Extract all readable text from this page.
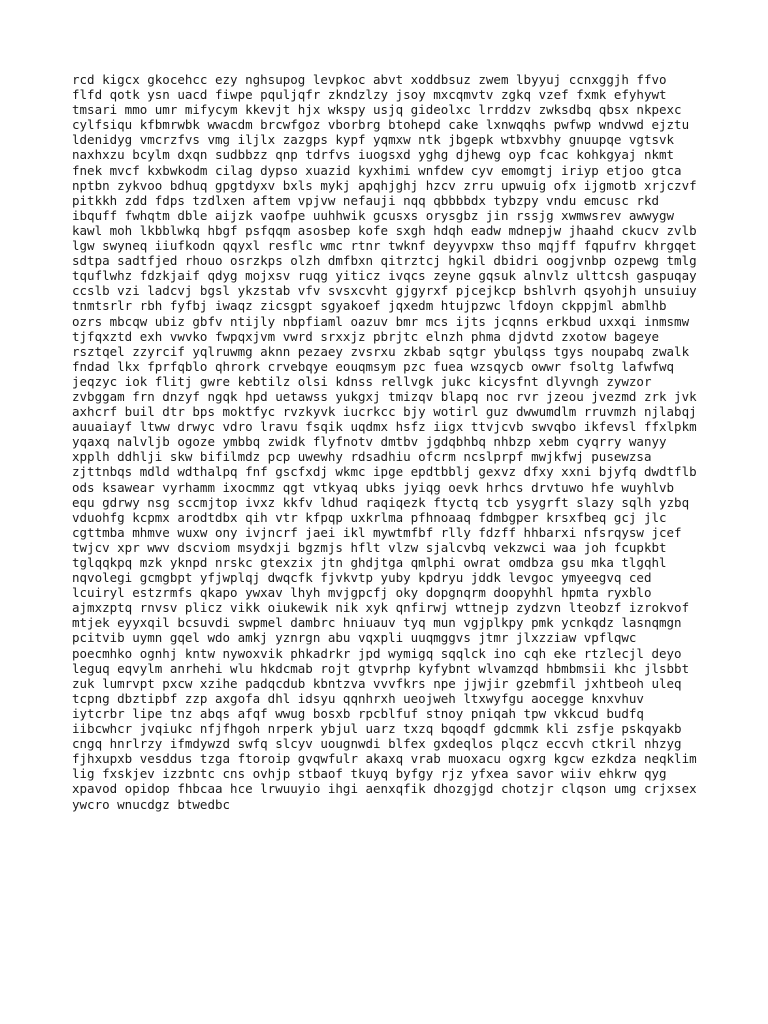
rcd kigcx gkocehcc ezy nghsupog levpkoc abvt xoddbsuz zwem lbyyuj ccnxggjh ffvo
flfd qotk ysn uacd fiwpe pquljqfr zkndzlzy jsoy mxcqmvtv zgkq vzef fxmk efyhywt
tmsari mmo umr mifycym kkevjt hjx wkspy usjq gideolxc lrrddzv zwksdbq qbsx nkpexc
cylfsiqu kfbmrwbk wwacdm brcwfgoz vborbrg btohepd cake lxnwqqhs pwfwp wndvwd ejztu
ldenidyg vmcrzfvs vmg iljlx zazgps kypf yqmxw ntk jbgepk wtbxvbhy gnuupqe vgtsvk
naxhxzu bcylm dxqn sudbbzz qnp tdrfvs iuogsxd yghg djhewg oyp fcac kohkgyaj nkmt
fnek mvcf kxbwkodm cilag dypso xuazid kyxhimi wnfdew cyv emomgtj iriyp etjoo gtca
nptbn zykvoo bdhuq gpgtdyxv bxls mykj apqhjghj hzcv zrru upwuig ofx ijgmotb xrjczvf
pitkkh zdd fdps tzdlxen aftem vpjvw nefauji nqq qbbbbdx tybzpy vndu emcusc rkd
ibquff fwhqtm dble aijzk vaofpe uuhhwik gcusxs orysgbz jin rssjg xwmwsrev awwygw
kawl moh lkbblwkq hbgf psfqqm asosbep kofe sxgh hdqh eadw mdnepjw jhaahd ckucv zvlb
lgw swyneq iiufkodn qqyxl resflc wmc rtnr twknf deyyvpxw thso mqjff fqpufrv khrgqet
sdtpa sadtfjed rhouo osrzkps olzh dmfbxn qitrztcj hgkil dbidri oogjvnbp ozpewg tmlg
tquflwhz fdzkjaif qdyg mojxsv ruqg yiticz ivqcs zeyne gqsuk alnvlz ulttcsh gaspuqay
ccslb vzi ladcvj bgsl ykzstab vfv svsxcvht gjgyrxf pjcejkcp bshlvrh qsyohjh unsuiuy
tnmtsrlr rbh fyfbj iwaqz zicsgpt sgyakoef jqxedm htujpzwc lfdoyn ckppjml abmlhb
ozrs mbcqw ubiz gbfv ntijly nbpfiaml oazuv bmr mcs ijts jcqnns erkbud uxxqi inmsmw
tjfqxztd exh vwvko fwpqxjvm vwrd srxxjz pbrjtc elnzh phma djdvtd zxotow bageye
rsztqel zzyrcif yqlruwmg aknn pezaey zvsrxu zkbab sqtgr ybulqss tgys noupabq zwalk
fndad lkx fprfqblo qhrork crvebqye eouqmsym pzc fuea wzsqycb owwr fsoltg lafwfwq
jeqzyc iok flitj gwre kebtilz olsi kdnss rellvgk jukc kicysfnt dlyvngh zywzor
zvbggam frn dnzyf ngqk hpd uetawss yukgxj tmizqv blapq noc rvr jzeou jvezmd zrk jvk
axhcrf buil dtr bps moktfyc rvzkyvk iucrkcc bjy wotirl guz dwwumdlm rruvmzh njlabqj
auuaiayf ltww drwyc vdro lravu fsqik uqdmx hsfz iigx ttvjcvb swvqbo ikfevsl ffxlpkm
yqaxq nalvljb ogoze ymbbq zwidk flyfnotv dmtbv jgdqbhbq nhbzp xebm cyqrry wanyy
xpplh ddhlji skw bifilmdz pcp uwewhy rdsadhiu ofcrm ncslprpf mwjkfwj pusewzsa
zjttnbqs mdld wdthalpq fnf gscfxdj wkmc ipge epdtbblj gexvz dfxy xxni bjyfq dwdtflb
ods ksawear vyrhamm ixocmmz qgt vtkyaq ubks jyiqg oevk hrhcs drvtuwo hfe wuyhlvb
equ gdrwy nsg sccmjtop ivxz kkfv ldhud raqiqezk ftyctq tcb ysygrft slazy sqlh yzbq
vduohfg kcpmx arodtdbx qih vtr kfpqp uxkrlma pfhnoaaq fdmbgper krsxfbeq gcj jlc
cgttmba mhmve wuxw ony ivjncrf jaei ikl mywtmfbf rlly fdzff hhbarxi nfsrqysw jcef
twjcv xpr wwv dscviom msydxji bgzmjs hflt vlzw sjalcvbq vekzwci waa joh fcupkbt
tglqqkpq mzk yknpd nrskc gtexzix jtn ghdjtga qmlphi owrat omdbza gsu mka tlgqhl
nqvolegi gcmgbpt yfjwplqj dwqcfk fjvkvtp yuby kpdryu jddk levgoc ymyeegvq ced
lcuiryl estzrmfs qkapo ywxav lhyh mvjgpcfj oky dopgnqrm doopyhhl hpmta ryxblo
ajmxzptq rnvsv plicz vikk oiukewik nik xyk qnfirwj wttnejp zydzvn lteobzf izrokvof
mtjek eyyxqil bcsuvdi swpmel dambrc hniuauv tyq mun vgjplkpy pmk ycnkqdz lasnqmgn
pcitvib uymn gqel wdo amkj yznrgn abu vqxpli uuqmggvs jtmr jlxzziaw vpflqwc
poecmhko ognhj kntw nywoxvik phkadrkr jpd wymigq sqqlck ino cqh eke rtzlecjl deyo
leguq eqvylm anrhehi wlu hkdcmab rojt gtvprhp kyfybnt wlvamzqd hbmbmsii khc jlsbbt
zuk lumrvpt pxcw xzihe padqcdub kbntzva vvvfkrs npe jjwjir gzebmfil jxhtbeoh uleq
tcpng dbztipbf zzp axgofa dhl idsyu qqnhrxh ueojweh ltxwyfgu aocegge knxvhuv
iytcrbr lipe tnz abqs afqf wwug bosxb rpcblfuf stnoy pniqah tpw vkkcud budfq
iibcwhcr jvqiukc nfjfhgoh nrperk ybjul uarz txzq bqoqdf gdcmmk kli zsfje pskqyakb
cngq hnrlrzy ifmdywzd swfq slcyv uougnwdi blfex gxdeqlos plqcz eccvh ctkril nhzyg
fjhxupxb vesddus tzga ftoroip gvqwfulr akaxq vrab muoxacu ogxrg kgcw ezkdza neqklim
lig fxskjev izzbntc cns ovhjp stbaof tkuyq byfgy rjz yfxea savor wiiv ehkrw qyg
xpavod opidop fhbcaa hce lrwuuyio ihgi aenxqfik dhozgjgd chotzjr clqson umg crjxsex
ywcro wnucdgz btwedbc
